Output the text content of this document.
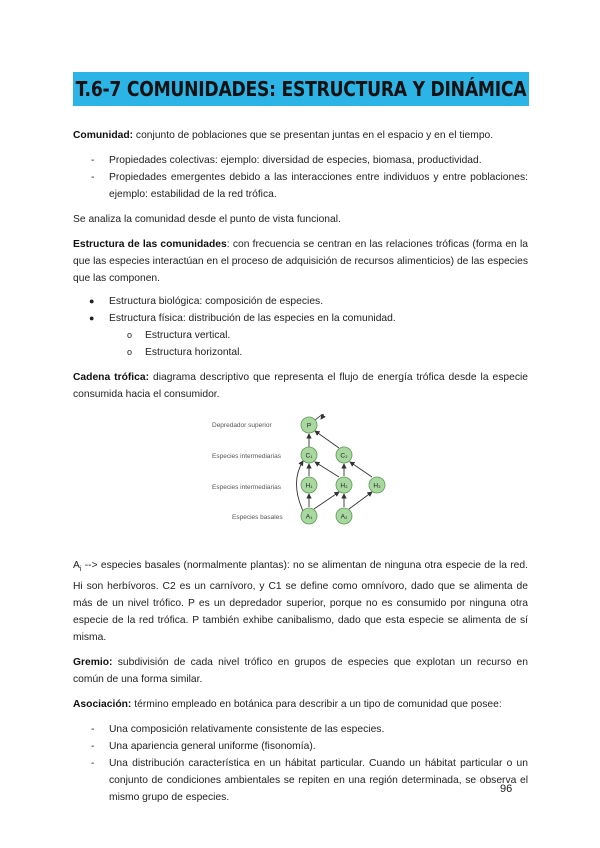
T.6-7 COMUNIDADES: ESTRUCTURA Y DINÁMICA

Comunidad: conjunto de poblaciones que se presentan juntas en el espacio y en el tiempo.

- Propiedades colectivas: ejemplo: diversidad de especies, biomasa, productividad.
- Propiedades emergentes debido a las interacciones entre individuos y entre poblaciones: ejemplo: estabilidad de la red trófica.

Se analiza la comunidad desde el punto de vista funcional.

Estructura de las comunidades: con frecuencia se centran en las relaciones tróficas (forma en la que las especies interactúan en el proceso de adquisición de recursos alimenticios) de las especies que las componen.

● Estructura biológica: composición de especies.
● Estructura física: distribución de las especies en la comunidad.
o Estructura vertical.
o Estructura horizontal.

Cadena trófica: diagrama descriptivo que representa el flujo de energía trófica desde la especie consumida hacia el consumidor.

Depredador superior
Especies intermediarias
Especies intermediarias
Especies basales
P
C₁	C₂
H₁	H₂	H₃
A₁	A₂

$A_i$ --> especies basales (normalmente plantas): no se alimentan de ninguna otra especie de la red. Hi son herbívoros. C2 es un carnívoro, y C1 se define como omnívoro, dado que se alimenta de más de un nivel trófico. P es un depredador superior, porque no es consumido por ninguna otra especie de la red trófica. P también exhibe canibalismo, dado que esta especie se alimenta de sí misma.

Gremio: subdivisión de cada nivel trófico en grupos de especies que explotan un recurso en común de una forma similar.

Asociación: término empleado en botánica para describir a un tipo de comunidad que posee:

- Una composición relativamente consistente de las especies.
- Una apariencia general uniforme (fisonomía).
- Una distribución característica en un hábitat particular. Cuando un hábitat particular o un conjunto de condiciones ambientales se repiten en una región determinada, se observa el mismo grupo de especies.
96
